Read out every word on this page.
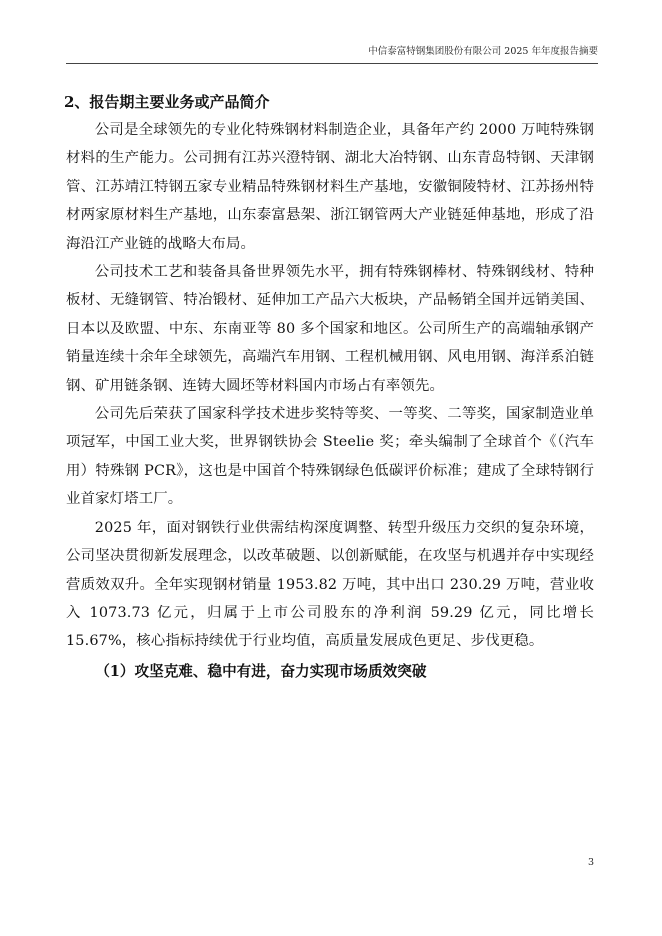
中信泰富特钢集团股份有限公司 2025 年年度报告摘要
2、报告期主要业务或产品简介

公司是全球领先的专业化特殊钢材料制造企业，具备年产约 2000 万吨特殊钢材料的生产能力。公司拥有江苏兴澄特钢、湖北大冶特钢、山东青岛特钢、天津钢管、江苏靖江特钢五家专业精品特殊钢材料生产基地，安徽铜陵特材、江苏扬州特材两家原材料生产基地，山东泰富悬架、浙江钢管两大产业链延伸基地，形成了沿海沿江产业链的战略大布局。

公司技术工艺和装备具备世界领先水平，拥有特殊钢棒材、特殊钢线材、特种板材、无缝钢管、特冶锻材、延伸加工产品六大板块，产品畅销全国并远销美国、日本以及欧盟、中东、东南亚等 80 多个国家和地区。公司所生产的高端轴承钢产销量连续十余年全球领先，高端汽车用钢、工程机械用钢、风电用钢、海洋系泊链钢、矿用链条钢、连铸大圆坯等材料国内市场占有率领先。

公司先后荣获了国家科学技术进步奖特等奖、一等奖、二等奖，国家制造业单项冠军，中国工业大奖，世界钢铁协会 Steelie 奖；牵头编制了全球首个《（汽车用）特殊钢 PCR》，这也是中国首个特殊钢绿色低碳评价标准；建成了全球特钢行业首家灯塔工厂。

2025 年，面对钢铁行业供需结构深度调整、转型升级压力交织的复杂环境，公司坚决贯彻新发展理念，以改革破题、以创新赋能，在攻坚与机遇并存中实现经营质效双升。全年实现钢材销量 1953.82 万吨，其中出口 230.29 万吨，营业收入 1073.73 亿元，归属于上市公司股东的净利润 59.29 亿元，同比增长 15.67%，核心指标持续优于行业均值，高质量发展成色更足、步伐更稳。

（1）攻坚克难、稳中有进，奋力实现市场质效突破
3
